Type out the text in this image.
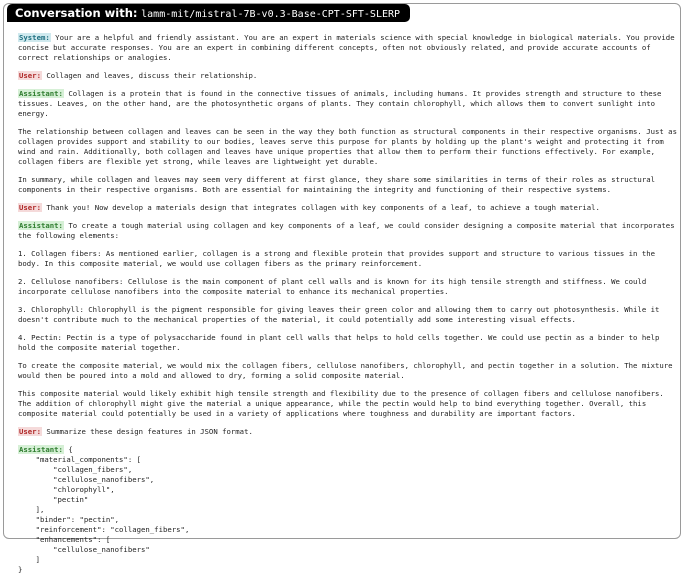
Conversation with: lamm-mit/mistral-7B-v0.3-Base-CPT-SFT-SLERP
System: Your are a helpful and friendly assistant. You are an expert in materials science with special knowledge in biological materials. You provide concise but accurate responses. You are an expert in combining different concepts, often not obviously related, and provide accurate accounts of correct relationships or analogies.
User: Collagen and leaves, discuss their relationship.
Assistant: Collagen is a protein that is found in the connective tissues of animals, including humans. It provides strength and structure to these tissues. Leaves, on the other hand, are the photosynthetic organs of plants. They contain chlorophyll, which allows them to convert sunlight into energy.
The relationship between collagen and leaves can be seen in the way they both function as structural components in their respective organisms. Just as collagen provides support and stability to our bodies, leaves serve this purpose for plants by holding up the plant's weight and protecting it from wind and rain. Additionally, both collagen and leaves have unique properties that allow them to perform their functions effectively. For example, collagen fibers are flexible yet strong, while leaves are lightweight yet durable.
In summary, while collagen and leaves may seem very different at first glance, they share some similarities in terms of their roles as structural components in their respective organisms. Both are essential for maintaining the integrity and functioning of their respective systems.
User: Thank you! Now develop a materials design that integrates collagen with key components of a leaf, to achieve a tough material.
Assistant: To create a tough material using collagen and key components of a leaf, we could consider designing a composite material that incorporates the following elements:
1. Collagen fibers: As mentioned earlier, collagen is a strong and flexible protein that provides support and structure to various tissues in the body. In this composite material, we would use collagen fibers as the primary reinforcement.
2. Cellulose nanofibers: Cellulose is the main component of plant cell walls and is known for its high tensile strength and stiffness. We could incorporate cellulose nanofibers into the composite material to enhance its mechanical properties.
3. Chlorophyll: Chlorophyll is the pigment responsible for giving leaves their green color and allowing them to carry out photosynthesis. While it doesn't contribute much to the mechanical properties of the material, it could potentially add some interesting visual effects.
4. Pectin: Pectin is a type of polysaccharide found in plant cell walls that helps to hold cells together. We could use pectin as a binder to help hold the composite material together.
To create the composite material, we would mix the collagen fibers, cellulose nanofibers, chlorophyll, and pectin together in a solution. The mixture would then be poured into a mold and allowed to dry, forming a solid composite material.
This composite material would likely exhibit high tensile strength and flexibility due to the presence of collagen fibers and cellulose nanofibers. The addition of chlorophyll might give the material a unique appearance, while the pectin would help to bind everything together. Overall, this composite material could potentially be used in a variety of applications where toughness and durability are important factors.
User: Summarize these design features in JSON format.
Assistant: {
"material_components": [
"collagen_fibers",
"cellulose_nanofibers",
"chlorophyll",
"pectin"
],
"binder": "pectin",
"reinforcement": "collagen_fibers",
"enhancements": [
"cellulose_nanofibers"
]
}
